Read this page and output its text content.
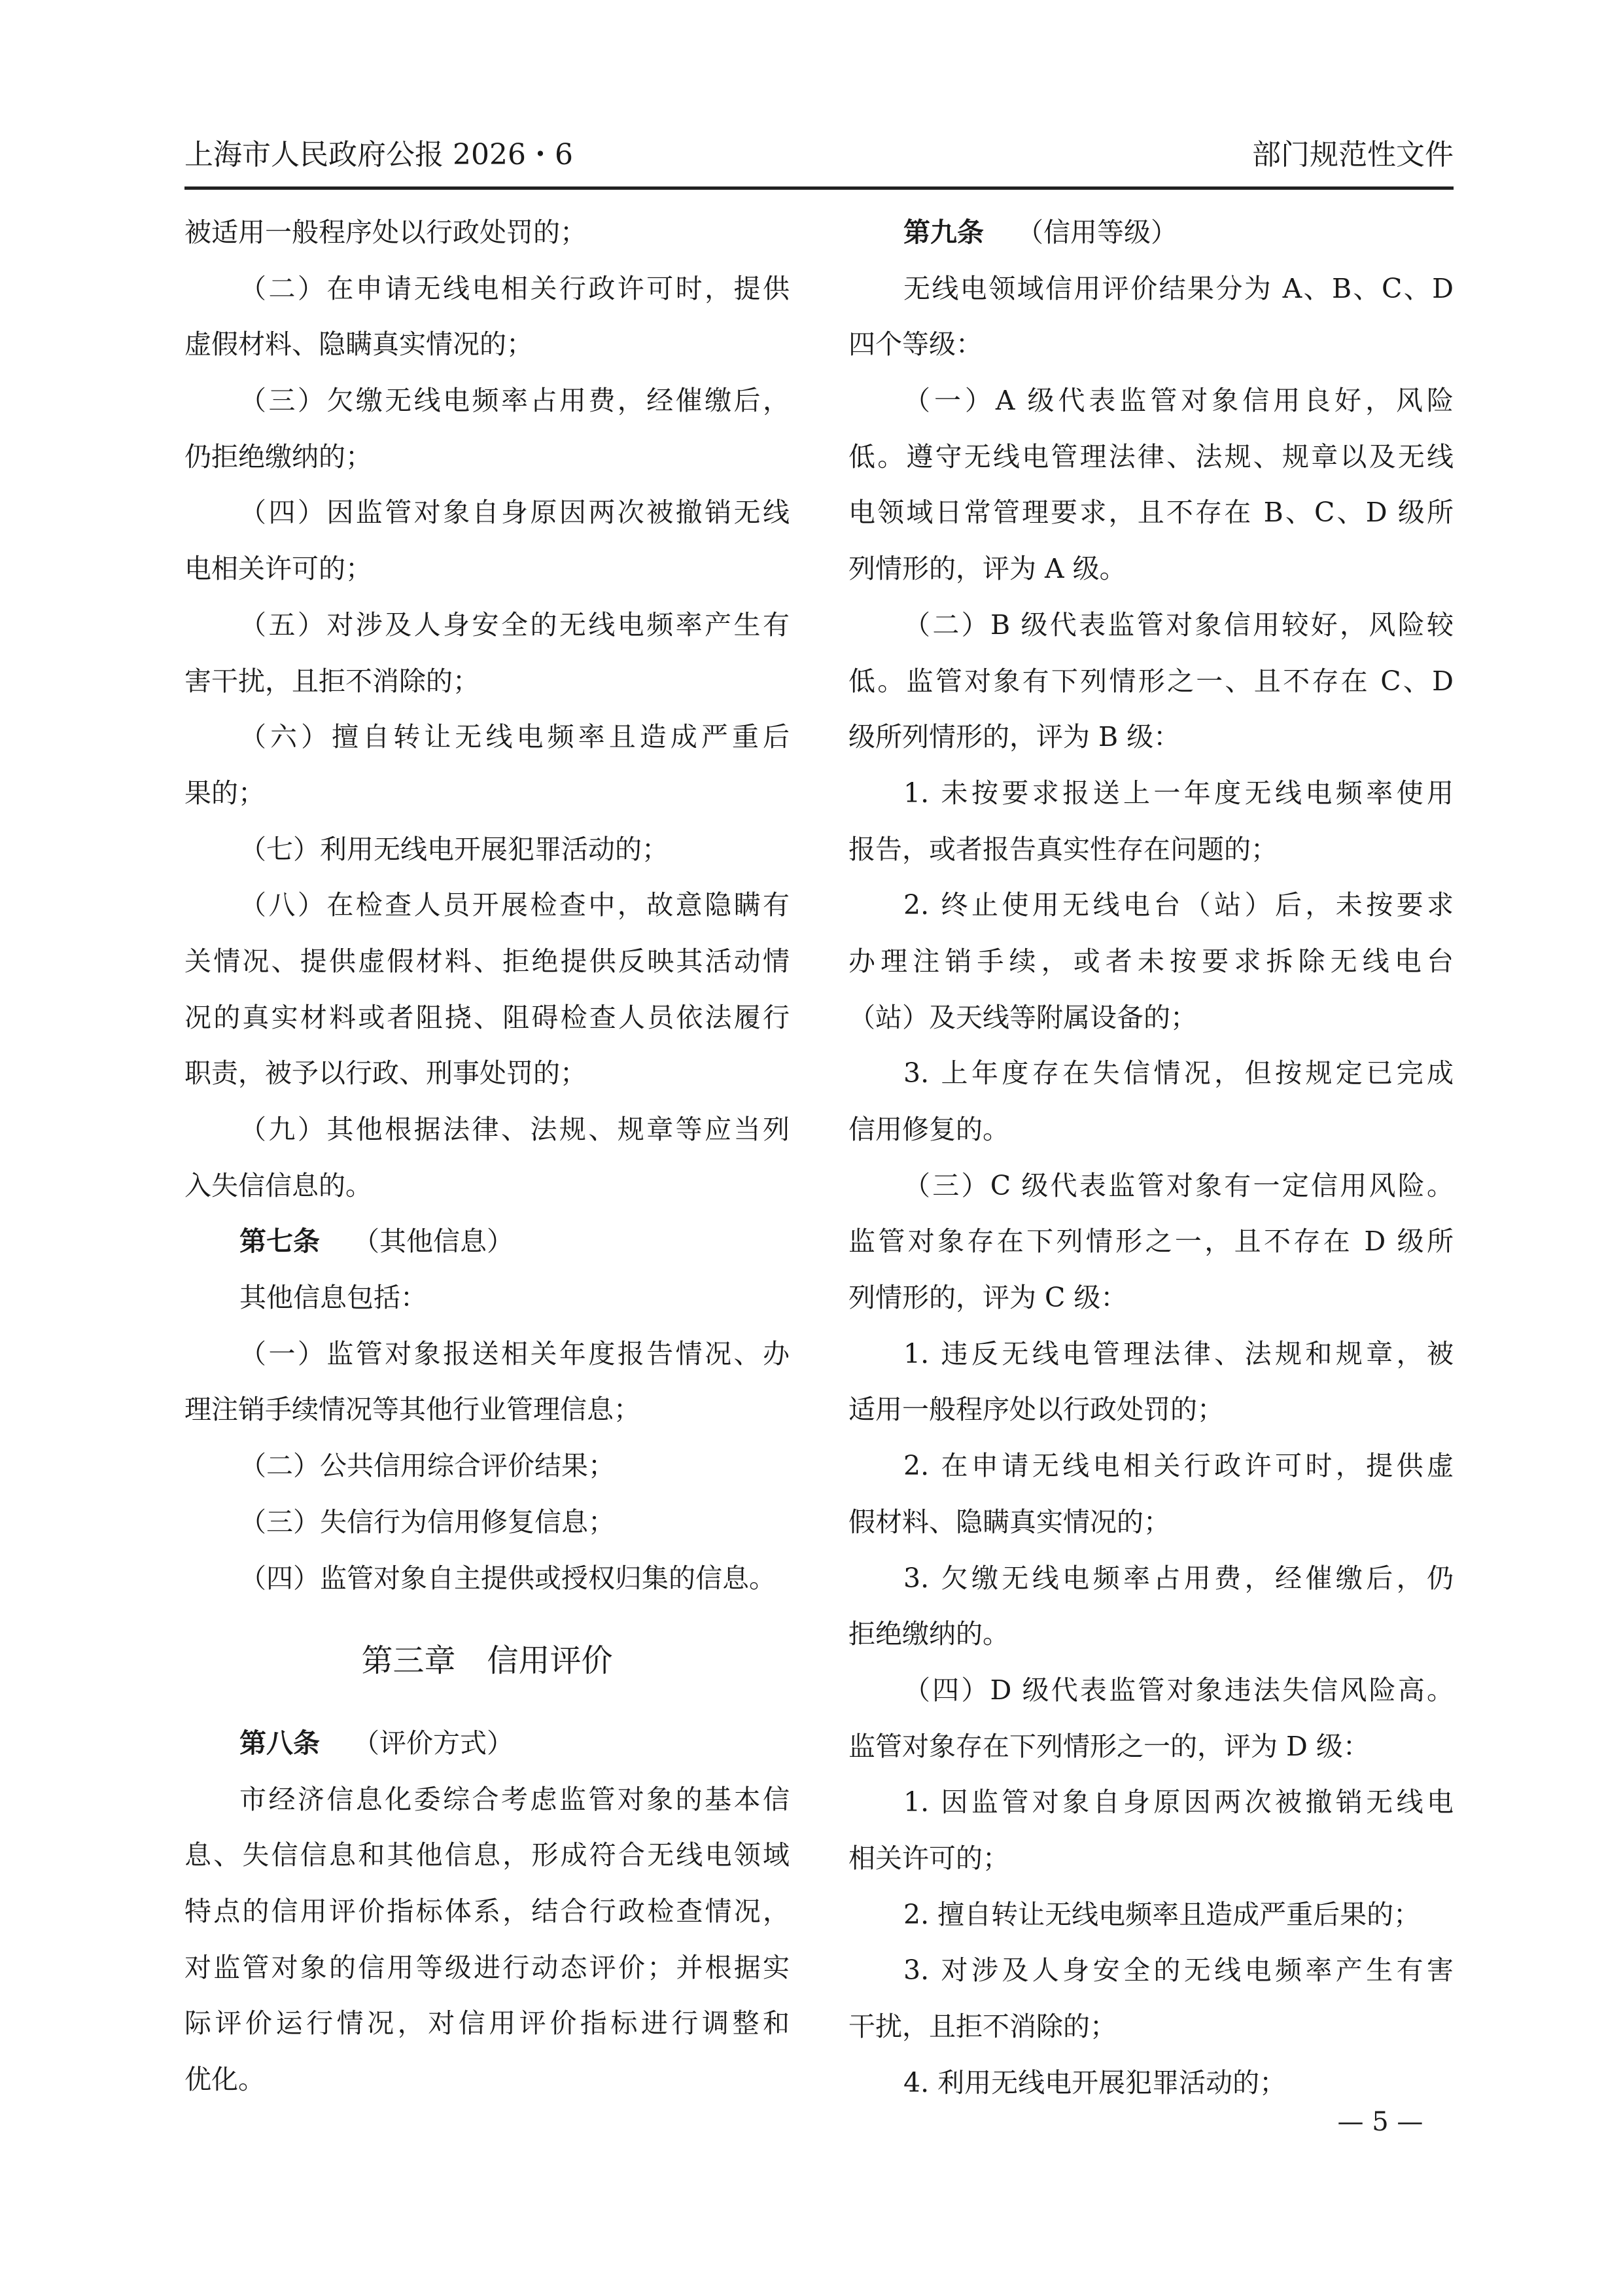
上海市人民政府公报 2026・6	部门规范性文件
被适用一般程序处以行政处罚的；
（二）在申请无线电相关行政许可时，提供
虚假材料、隐瞒真实情况的；
（三）欠缴无线电频率占用费，经催缴后，
仍拒绝缴纳的；
（四）因监管对象自身原因两次被撤销无线
电相关许可的；
（五）对涉及人身安全的无线电频率产生有
害干扰，且拒不消除的；
（六）擅自转让无线电频率且造成严重后
果的；
（七）利用无线电开展犯罪活动的；
（八）在检查人员开展检查中，故意隐瞒有
关情况、提供虚假材料、拒绝提供反映其活动情
况的真实材料或者阻挠、阻碍检查人员依法履行
职责，被予以行政、刑事处罚的；
（九）其他根据法律、法规、规章等应当列
入失信信息的。
第七条 （其他信息）
其他信息包括：
（一）监管对象报送相关年度报告情况、办
理注销手续情况等其他行业管理信息；
（二）公共信用综合评价结果；
（三）失信行为信用修复信息；
（四）监管对象自主提供或授权归集的信息。
第三章 信用评价
第八条 （评价方式）
市经济信息化委综合考虑监管对象的基本信
息、失信信息和其他信息，形成符合无线电领域
特点的信用评价指标体系，结合行政检查情况，
对监管对象的信用等级进行动态评价；并根据实
际评价运行情况，对信用评价指标进行调整和
优化。
第九条 （信用等级）
无线电领域信用评价结果分为 A、B、C、D
四个等级：
（一）A 级代表监管对象信用良好，风险
低。遵守无线电管理法律、法规、规章以及无线
电领域日常管理要求，且不存在 B、C、D 级所
列情形的，评为 A 级。
（二）B 级代表监管对象信用较好，风险较
低。监管对象有下列情形之一、且不存在 C、D
级所列情形的，评为 B 级：
1. 未按要求报送上一年度无线电频率使用
报告，或者报告真实性存在问题的；
2. 终止使用无线电台（站）后，未按要求
办理注销手续，或者未按要求拆除无线电台
（站）及天线等附属设备的；
3. 上年度存在失信情况，但按规定已完成
信用修复的。
（三）C 级代表监管对象有一定信用风险。
监管对象存在下列情形之一，且不存在 D 级所
列情形的，评为 C 级：
1. 违反无线电管理法律、法规和规章，被
适用一般程序处以行政处罚的；
2. 在申请无线电相关行政许可时，提供虚
假材料、隐瞒真实情况的；
3. 欠缴无线电频率占用费，经催缴后，仍
拒绝缴纳的。
（四）D 级代表监管对象违法失信风险高。
监管对象存在下列情形之一的，评为 D 级：
1. 因监管对象自身原因两次被撤销无线电
相关许可的；
2. 擅自转让无线电频率且造成严重后果的；
3. 对涉及人身安全的无线电频率产生有害
干扰，且拒不消除的；
4. 利用无线电开展犯罪活动的；
— 5 —
